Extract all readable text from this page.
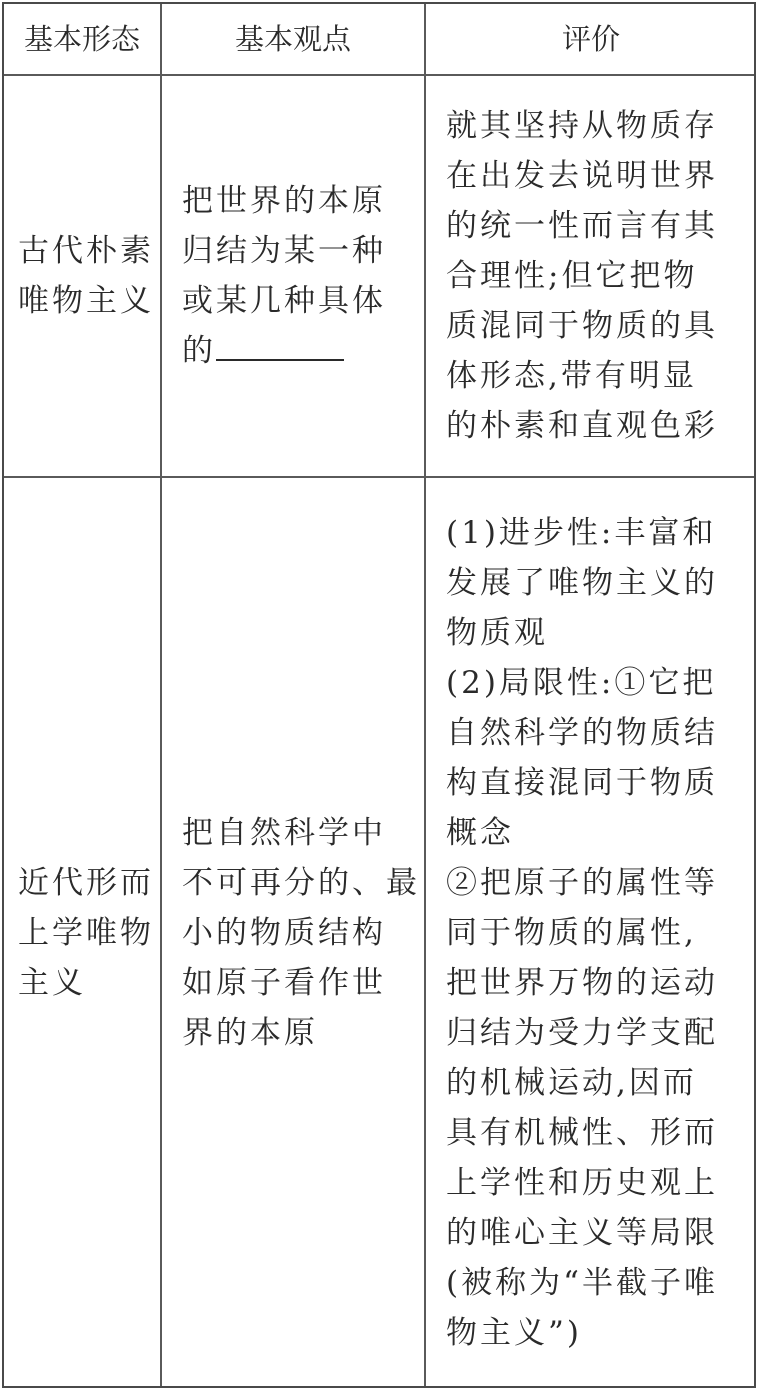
基本形态	基本观点	评价
古代朴素
唯物主义
把世界的本原
归结为某一种
或某几种具体
的
就其坚持从物质存
在出发去说明世界
的统一性而言有其
合理性;但它把物
质混同于物质的具
体形态,带有明显
的朴素和直观色彩
近代形而
上学唯物
主义
把自然科学中
不可再分的、最
小的物质结构
如原子看作世
界的本原
(1)进步性:丰富和
发展了唯物主义的
物质观
(2)局限性:①它把
自然科学的物质结
构直接混同于物质
概念
②把原子的属性等
同于物质的属性,
把世界万物的运动
归结为受力学支配
的机械运动,因而
具有机械性、形而
上学性和历史观上
的唯心主义等局限
(被称为“半截子唯
物主义”)
